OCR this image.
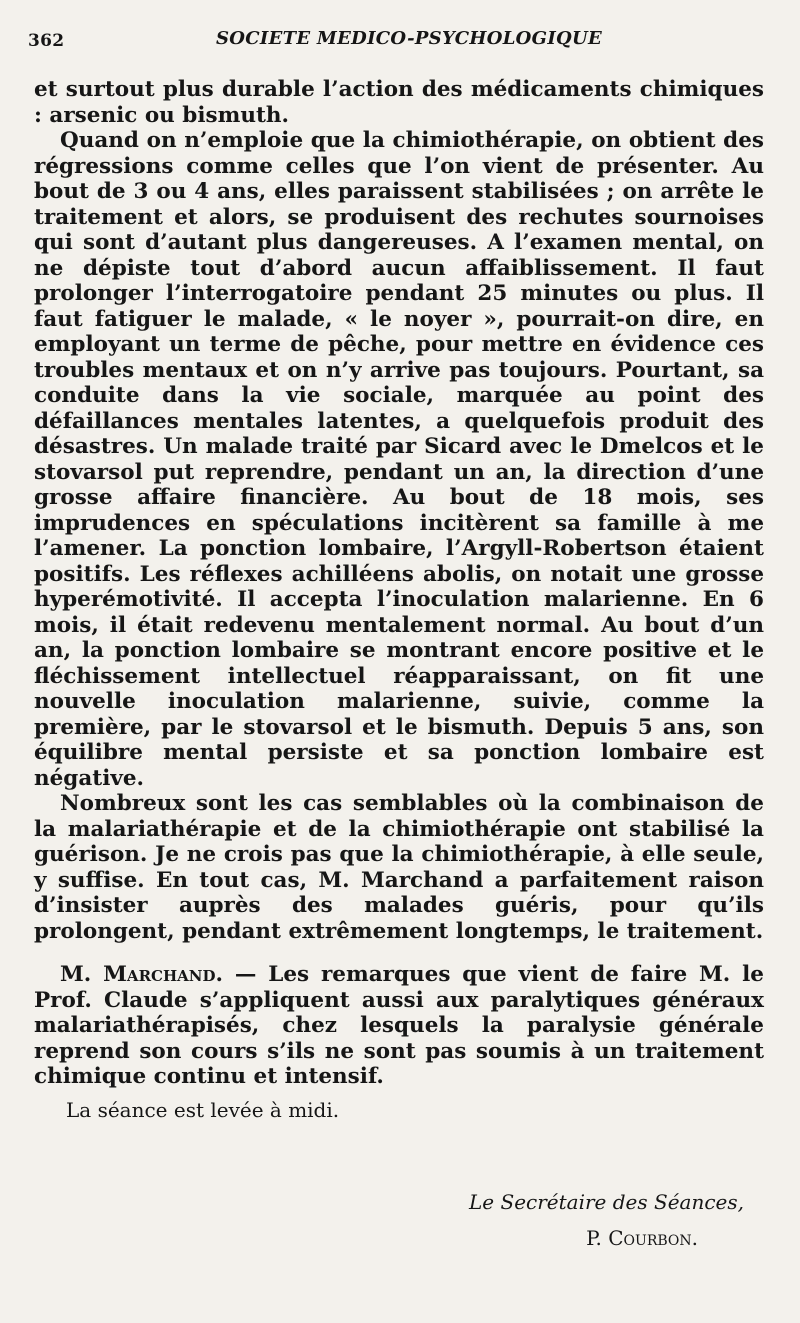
362	SOCIETE MEDICO-PSYCHOLOGIQUE

et surtout plus durable l’action des médicaments chimiques : arsenic ou bismuth.

Quand on n’emploie que la chimiothérapie, on obtient des régressions comme celles que l’on vient de présenter. Au bout de 3 ou 4 ans, elles paraissent stabilisées ; on arrête le traitement et alors, se produisent des rechutes sournoises qui sont d’autant plus dangereuses. A l’examen mental, on ne dépiste tout d’abord aucun affaiblissement. Il faut prolonger l’interrogatoire pendant 25 minutes ou plus. Il faut fatiguer le malade, « le noyer », pourrait-on dire, en employant un terme de pêche, pour mettre en évidence ces troubles mentaux et on n’y arrive pas toujours. Pourtant, sa conduite dans la vie sociale, marquée au point des défaillances mentales latentes, a quelquefois produit des désastres. Un malade traité par Sicard avec le Dmelcos et le stovarsol put reprendre, pendant un an, la direction d’une grosse affaire financière. Au bout de 18 mois, ses imprudences en spéculations incitèrent sa famille à me l’amener. La ponction lombaire, l’Argyll-Robertson étaient positifs. Les réflexes achilléens abolis, on notait une grosse hyperémotivité. Il accepta l’inoculation malarienne. En 6 mois, il était redevenu mentalement normal. Au bout d’un an, la ponction lombaire se montrant encore positive et le fléchissement intellectuel réapparaissant, on fit une nouvelle inoculation malarienne, suivie, comme la première, par le stovarsol et le bismuth. Depuis 5 ans, son équilibre mental persiste et sa ponction lombaire est négative.

Nombreux sont les cas semblables où la combinaison de la malariathérapie et de la chimiothérapie ont stabilisé la guérison. Je ne crois pas que la chimiothérapie, à elle seule, y suffise. En tout cas, M. Marchand a parfaitement raison d’insister auprès des malades guéris, pour qu’ils prolongent, pendant extrêmement longtemps, le traitement.

M. Marchand. — Les remarques que vient de faire M. le Prof. Claude s’appliquent aussi aux paralytiques généraux malariathérapisés, chez lesquels la paralysie générale reprend son cours s’ils ne sont pas soumis à un traitement chimique continu et intensif.

La séance est levée à midi.
Le Secrétaire des Séances,
P. Courbon.
